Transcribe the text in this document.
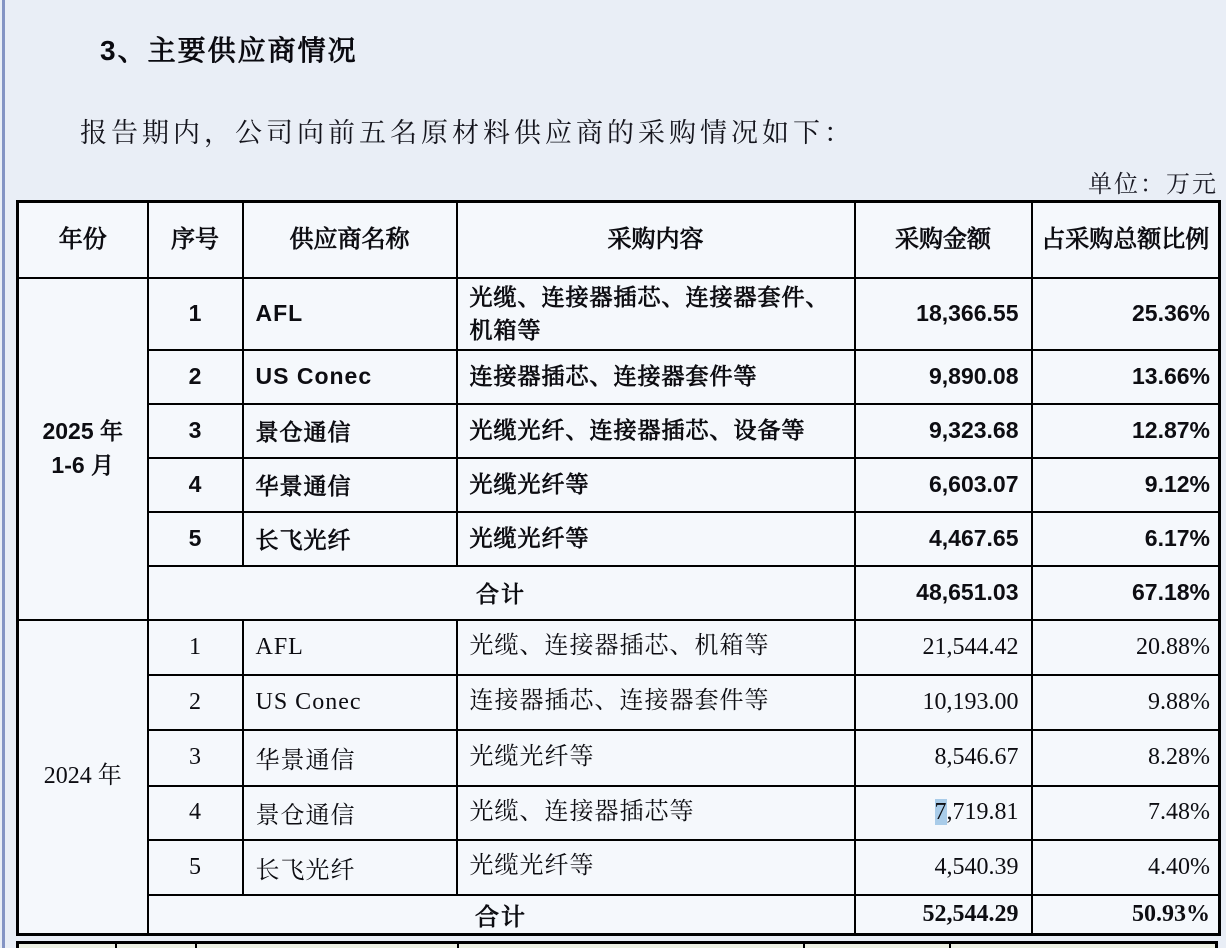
3、主要供应商情况

报告期内，公司向前五名原材料供应商的采购情况如下：

单位：万元
年份	序号	供应商名称	采购内容	采购金额	占采购总额比例

2025 年
1-6 月	1	AFL	光缆、连接器插芯、连接器套件、机箱等	18,366.55	25.36%
	2	US Conec	连接器插芯、连接器套件等	9,890.08	13.66%
	3	景仓通信	光缆光纤、连接器插芯、设备等	9,323.68	12.87%
	4	华景通信	光缆光纤等	6,603.07	9.12%
	5	长飞光纤	光缆光纤等	4,467.65	6.17%
	合计			48,651.03	67.18%

2024 年	1	AFL	光缆、连接器插芯、机箱等	21,544.42	20.88%
	2	US Conec	连接器插芯、连接器套件等	10,193.00	9.88%
	3	华景通信	光缆光纤等	8,546.67	8.28%
	4	景仓通信	光缆、连接器插芯等	7,719.81	7.48%
	5	长飞光纤	光缆光纤等	4,540.39	4.40%
	合计			52,544.29	50.93%
